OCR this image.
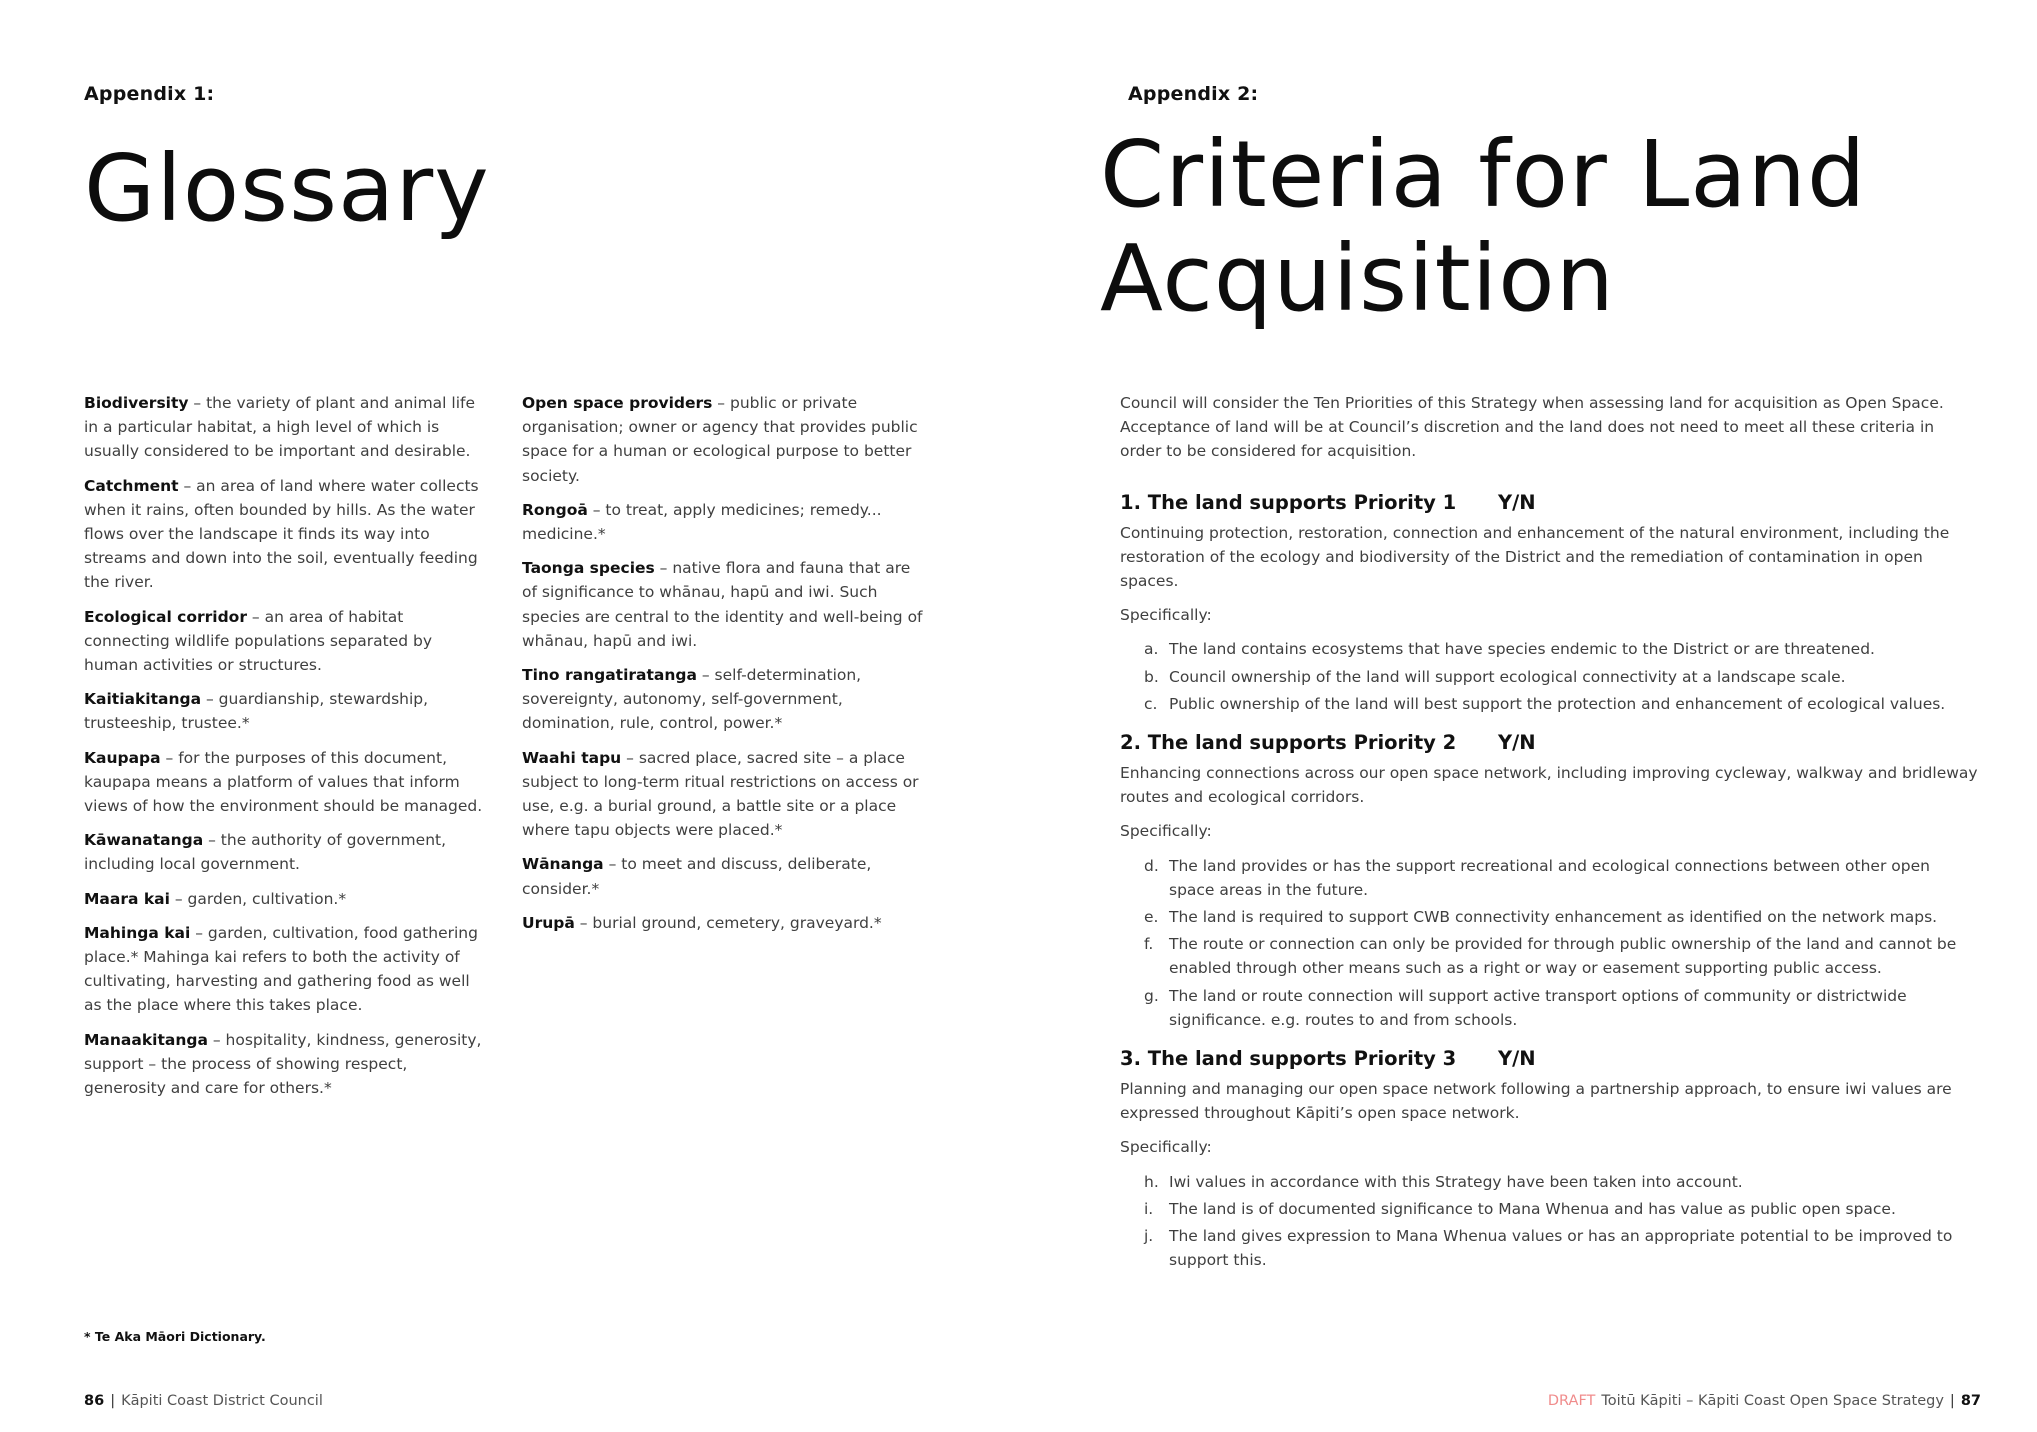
Appendix 1:
Glossary

Biodiversity – the variety of plant and animal life in a particular habitat, a high level of which is usually considered to be important and desirable.

Catchment – an area of land where water collects when it rains, often bounded by hills. As the water flows over the landscape it finds its way into streams and down into the soil, eventually feeding the river.

Ecological corridor – an area of habitat connecting wildlife populations separated by human activities or structures.

Kaitiakitanga – guardianship, stewardship, trusteeship, trustee.*

Kaupapa – for the purposes of this document, kaupapa means a platform of values that inform views of how the environment should be managed.

Kāwanatanga – the authority of government, including local government.

Maara kai – garden, cultivation.*

Mahinga kai – garden, cultivation, food gathering place.* Mahinga kai refers to both the activity of cultivating, harvesting and gathering food as well as the place where this takes place.

Manaakitanga – hospitality, kindness, generosity, support – the process of showing respect, generosity and care for others.*

Open space providers – public or private organisation; owner or agency that provides public space for a human or ecological purpose to better society.

Rongoā – to treat, apply medicines; remedy... medicine.*

Taonga species – native flora and fauna that are of significance to whānau, hapū and iwi. Such species are central to the identity and well-being of whānau, hapū and iwi.

Tino rangatiratanga – self-determination, sovereignty, autonomy, self-government, domination, rule, control, power.*

Waahi tapu – sacred place, sacred site – a place subject to long-term ritual restrictions on access or use, e.g. a burial ground, a battle site or a place where tapu objects were placed.*

Wānanga – to meet and discuss, deliberate, consider.*

Urupā – burial ground, cemetery, graveyard.*

* Te Aka Māori Dictionary.
86 | Kāpiti Coast District Council
Appendix 2:
Criteria for Land
Acquisition

Council will consider the Ten Priorities of this Strategy when assessing land for acquisition as Open Space. Acceptance of land will be at Council’s discretion and the land does not need to meet all these criteria in order to be considered for acquisition.

1. The land supports Priority 1 Y/N

Continuing protection, restoration, connection and enhancement of the natural environment, including the restoration of the ecology and biodiversity of the District and the remediation of contamination in open spaces.

Specifically:

a. The land contains ecosystems that have species endemic to the District or are threatened.
b. Council ownership of the land will support ecological connectivity at a landscape scale.
c. Public ownership of the land will best support the protection and enhancement of ecological values.
2. The land supports Priority 2 Y/N

Enhancing connections across our open space network, including improving cycleway, walkway and bridleway routes and ecological corridors.

Specifically:

d. The land provides or has the support recreational and ecological connections between other open space areas in the future.
e. The land is required to support CWB connectivity enhancement as identified on the network maps.
f. The route or connection can only be provided for through public ownership of the land and cannot be enabled through other means such as a right or way or easement supporting public access.
g. The land or route connection will support active transport options of community or districtwide significance. e.g. routes to and from schools.
3. The land supports Priority 3 Y/N

Planning and managing our open space network following a partnership approach, to ensure iwi values are expressed throughout Kāpiti’s open space network.

Specifically:

h. Iwi values in accordance with this Strategy have been taken into account.
i. The land is of documented significance to Mana Whenua and has value as public open space.
j. The land gives expression to Mana Whenua values or has an appropriate potential to be improved to support this.
DRAFT Toitū Kāpiti – Kāpiti Coast Open Space Strategy | 87
